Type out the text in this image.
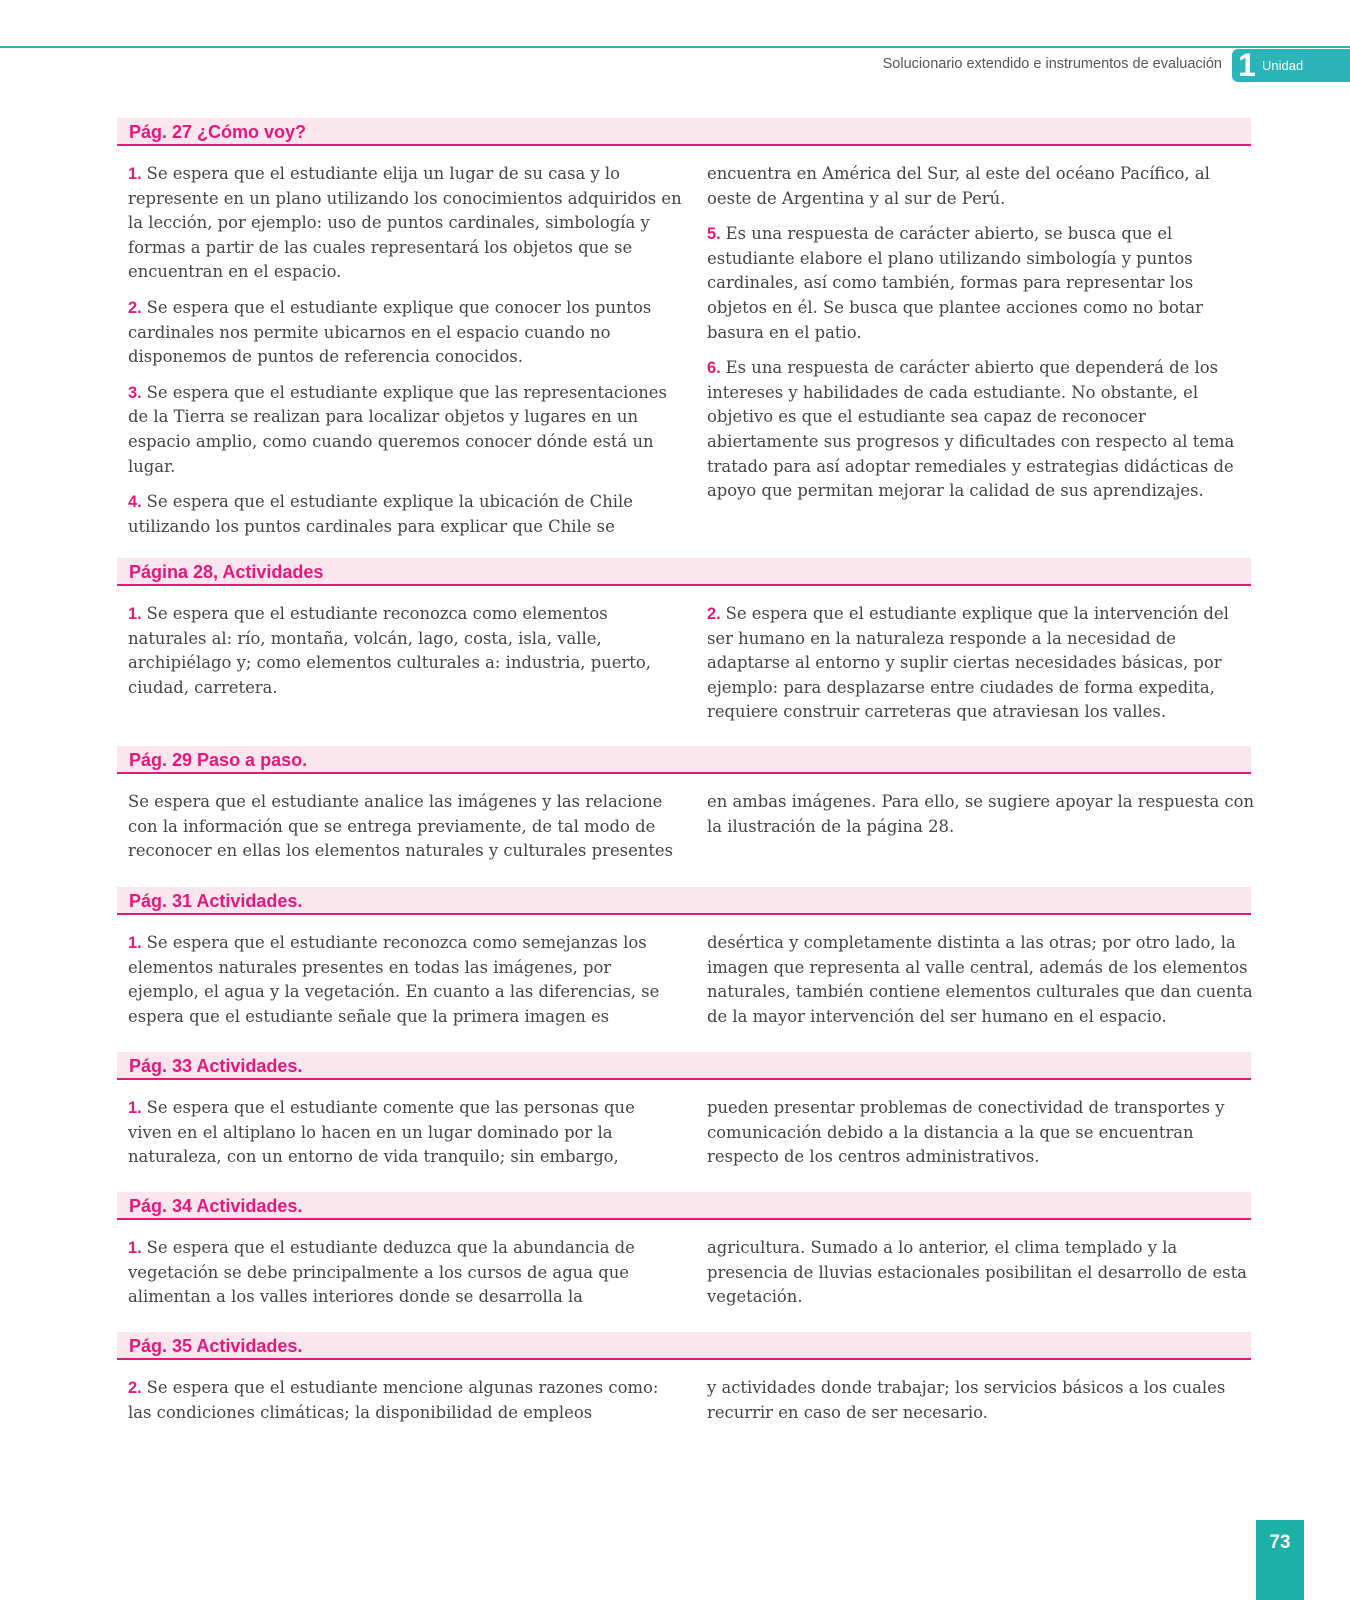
Solucionario extendido e instrumentos de evaluación 1 Unidad
Pág. 27 ¿Cómo voy?

1. Se espera que el estudiante elija un lugar de su casa y lo represente en un plano utilizando los conocimientos adquiridos en la lección, por ejemplo: uso de puntos cardinales, simbología y formas a partir de las cuales representará los objetos que se encuentran en el espacio.

2. Se espera que el estudiante explique que conocer los puntos cardinales nos permite ubicarnos en el espacio cuando no disponemos de puntos de referencia conocidos.

3. Se espera que el estudiante explique que las representaciones de la Tierra se realizan para localizar objetos y lugares en un espacio amplio, como cuando queremos conocer dónde está un lugar.

4. Se espera que el estudiante explique la ubicación de Chile utilizando los puntos cardinales para explicar que Chile se

encuentra en América del Sur, al este del océano Pacífico, al oeste de Argentina y al sur de Perú.

5. Es una respuesta de carácter abierto, se busca que el estudiante elabore el plano utilizando simbología y puntos cardinales, así como también, formas para representar los objetos en él. Se busca que plantee acciones como no botar basura en el patio.

6. Es una respuesta de carácter abierto que dependerá de los intereses y habilidades de cada estudiante. No obstante, el objetivo es que el estudiante sea capaz de reconocer abiertamente sus progresos y dificultades con respecto al tema tratado para así adoptar remediales y estrategias didácticas de apoyo que permitan mejorar la calidad de sus aprendizajes.

Página 28, Actividades

1. Se espera que el estudiante reconozca como elementos naturales al: río, montaña, volcán, lago, costa, isla, valle, archipiélago y; como elementos culturales a: industria, puerto, ciudad, carretera.

2. Se espera que el estudiante explique que la intervención del ser humano en la naturaleza responde a la necesidad de adaptarse al entorno y suplir ciertas necesidades básicas, por ejemplo: para desplazarse entre ciudades de forma expedita, requiere construir carreteras que atraviesan los valles.

Pág. 29 Paso a paso.

Se espera que el estudiante analice las imágenes y las relacione con la información que se entrega previamente, de tal modo de reconocer en ellas los elementos naturales y culturales presentes

en ambas imágenes. Para ello, se sugiere apoyar la respuesta con la ilustración de la página 28.

Pág. 31 Actividades.

1. Se espera que el estudiante reconozca como semejanzas los elementos naturales presentes en todas las imágenes, por ejemplo, el agua y la vegetación. En cuanto a las diferencias, se espera que el estudiante señale que la primera imagen es

desértica y completamente distinta a las otras; por otro lado, la imagen que representa al valle central, además de los elementos naturales, también contiene elementos culturales que dan cuenta de la mayor intervención del ser humano en el espacio.

Pág. 33 Actividades.

1. Se espera que el estudiante comente que las personas que viven en el altiplano lo hacen en un lugar dominado por la naturaleza, con un entorno de vida tranquilo; sin embargo,

pueden presentar problemas de conectividad de transportes y comunicación debido a la distancia a la que se encuentran respecto de los centros administrativos.

Pág. 34 Actividades.

1. Se espera que el estudiante deduzca que la abundancia de vegetación se debe principalmente a los cursos de agua que alimentan a los valles interiores donde se desarrolla la

agricultura. Sumado a lo anterior, el clima templado y la presencia de lluvias estacionales posibilitan el desarrollo de esta vegetación.

Pág. 35 Actividades.

2. Se espera que el estudiante mencione algunas razones como: las condiciones climáticas; la disponibilidad de empleos

y actividades donde trabajar; los servicios básicos a los cuales recurrir en caso de ser necesario.

73
